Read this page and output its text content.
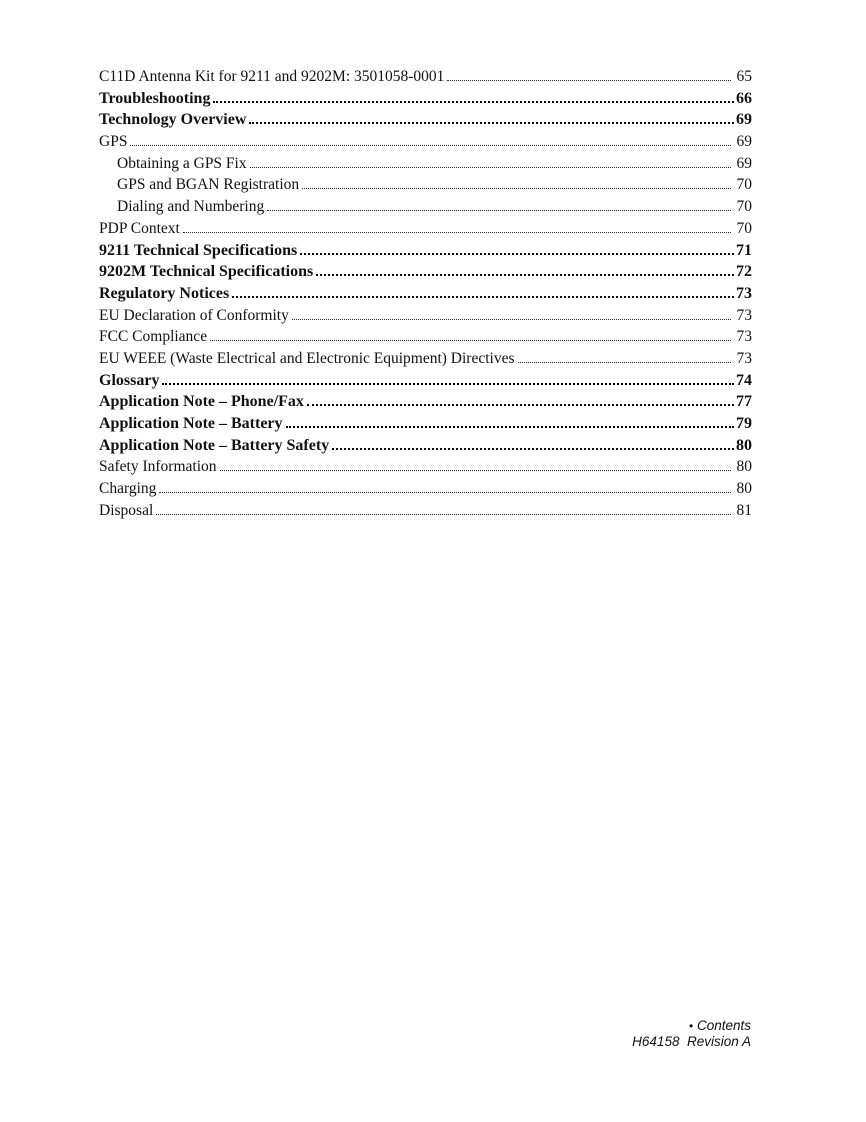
C11D Antenna Kit for 9211 and 9202M: 3501058-0001	65
Troubleshooting	66
Technology Overview	69
GPS	69
Obtaining a GPS Fix	69
GPS and BGAN Registration	70
Dialing and Numbering	70
PDP Context	70
9211 Technical Specifications	71
9202M Technical Specifications	72
Regulatory Notices	73
EU Declaration of Conformity	73
FCC Compliance	73
EU WEEE (Waste Electrical and Electronic Equipment) Directives	73
Glossary	74
Application Note – Phone/Fax	77
Application Note – Battery	79
Application Note – Battery Safety	80
Safety Information	80
Charging	80
Disposal	81
• Contents
H64158  Revision A
